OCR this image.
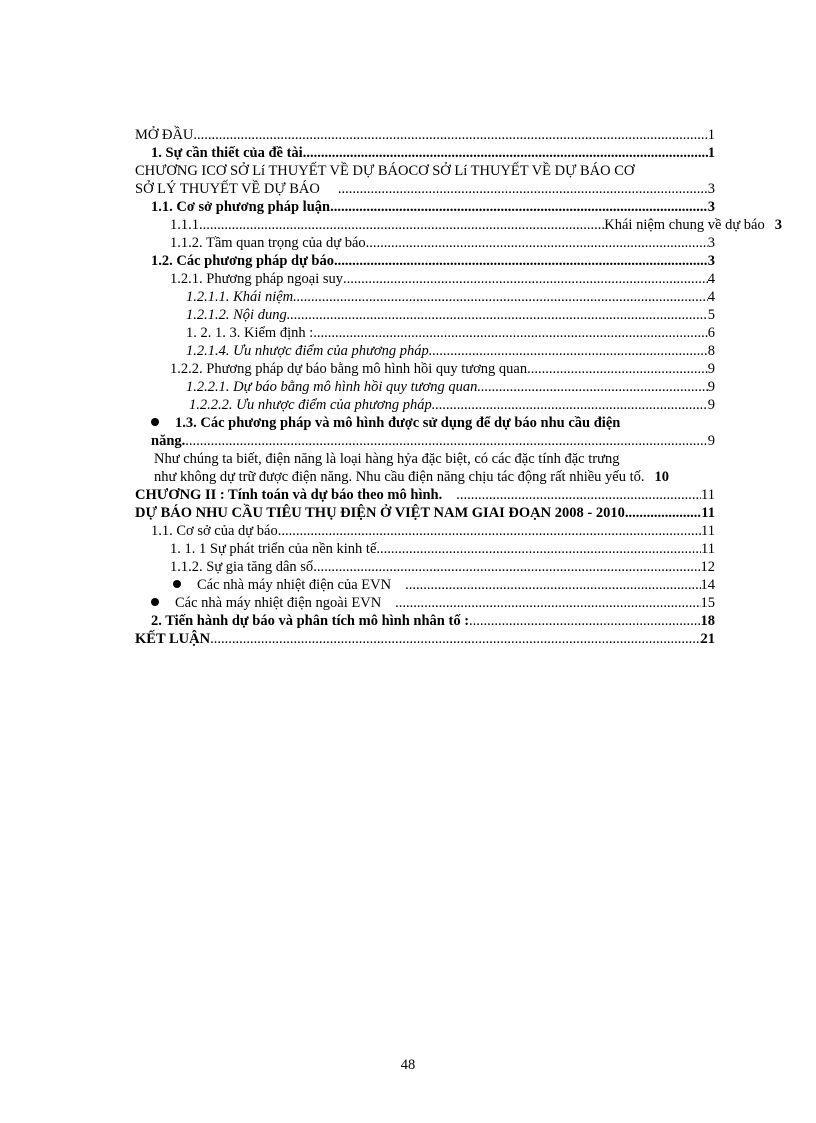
MỞ ĐẦU .....	1
1. Sự cần thiết của đề tài .....	1
CHƯƠNG ICƠ SỞ Lí THUYẾT VỀ DỰ BÁOCƠ SỞ Lí THUYẾT VỀ DỰ BÁO CƠ
SỞ LÝ THUYẾT VỀ DỰ BÁO .....	3
1.1. Cơ sở phương pháp luận .....	3
1.1.1. .....	Khái niệm chung về dự báo 3
1.1.2. Tầm quan trọng của dự báo .....	3
1.2. Các phương pháp dự báo .....	3
1.2.1. Phương pháp ngoại suy .....	4
1.2.1.1. Khái niệm .....	4
1.2.1.2. Nội dung .....	5
1. 2. 1. 3. Kiểm định : .....	6
1.2.1.4. Ưu nhược điểm của phương pháp .....	8
1.2.2. Phương pháp dự báo bằng mô hình hồi quy tương quan .....	9
1.2.2.1. Dự báo bằng mô hình hồi quy tương quan .....	9
1.2.2.2. Ưu nhược điểm của phương pháp. .....	9
1.3. Các phương pháp và mô hình được sử dụng để dự báo nhu cầu điện
năng. .....	9
Như chúng ta biết, điện năng là loại hàng hỷa đặc biệt, có các đặc tính đặc trưng
như không dự trữ được điện năng. Nhu cầu điện năng chịu tác động rất nhiều yếu tố. 10
CHƯƠNG II : Tính toán và dự báo theo mô hình. .....	11
DỰ BÁO NHU CẦU TIÊU THỤ ĐIỆN Ở VIỆT NAM GIAI ĐOẠN 2008 - 2010 .....	11
1.1. Cơ sở của dự báo. .....	11
1. 1. 1 Sự phát triển của nền kinh tế .....	11
1.1.2. Sự gia tăng dân số .....	12
Các nhà máy nhiệt điện của EVN .....	14
Các nhà máy nhiệt điện ngoài EVN .....	15
2. Tiến hành dự báo và phân tích mô hình nhân tố : .....	18
KẾT LUẬN .....	21
48
